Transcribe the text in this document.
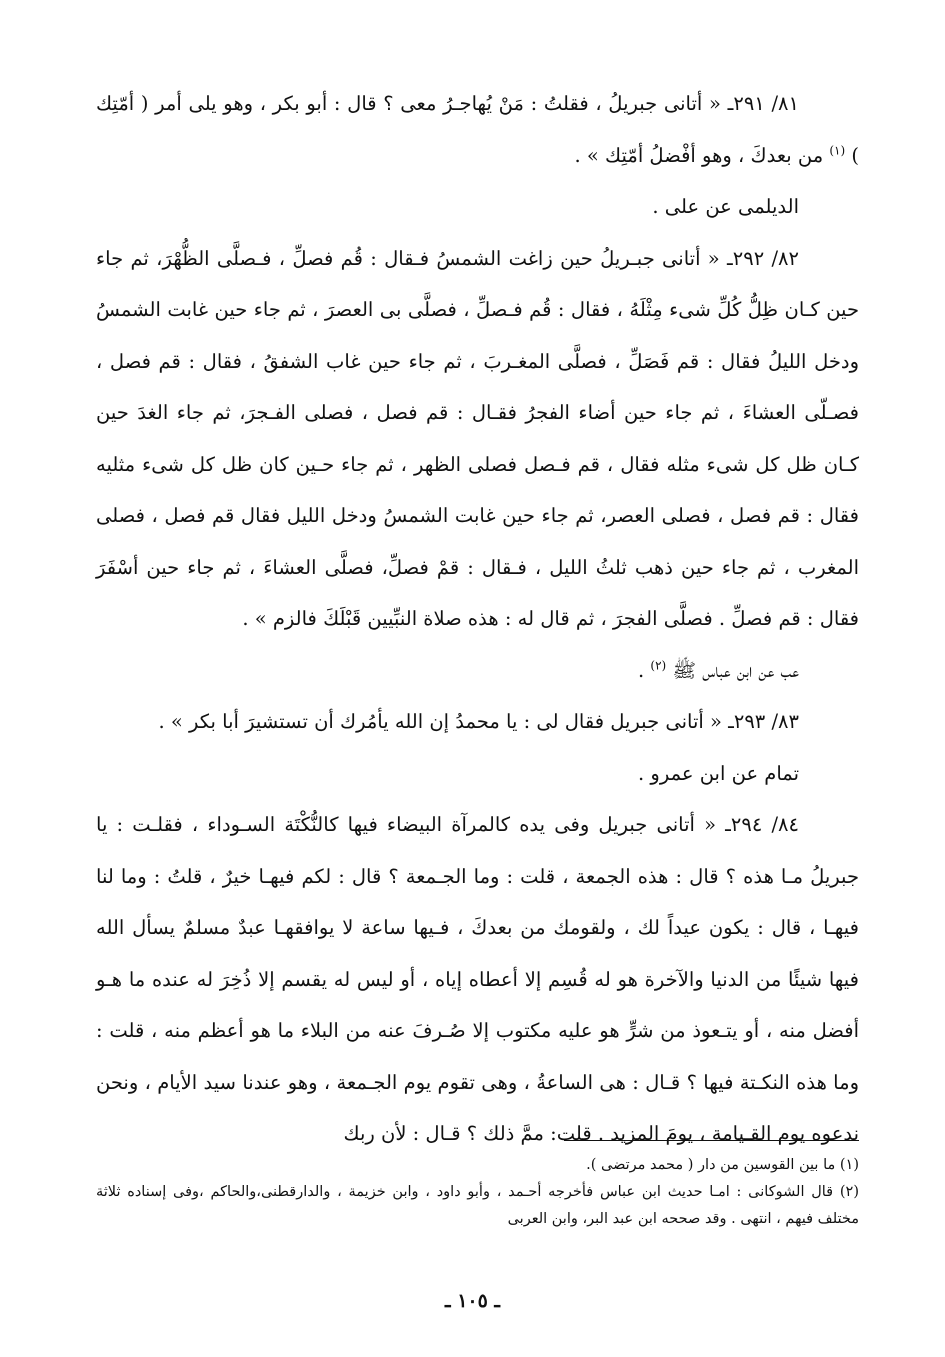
٨١/ ٢٩١ـ « أتانى جبريلُ ، فقلتُ : مَنْ يُهاجـرُ معى ؟ قال : أبو بكر ، وهو يلى أمر ( أمّتِك ) $^{(١)}$ من بعدكَ ، وهو أفْضلُ أمّتِك » .

الديلمى عن على .

٨٢/ ٢٩٢ـ « أتانى جبـريلُ حين زاغت الشمسُ فـقال : قُم فصلِّ ، فـصلَّى الظُّهْرَ، ثم جاء حين كـان ظِلُّ كُلِّ شىء مِثْلَهُ ، فقال : قُم فـصلِّ ، فصلَّى بى العصرَ ، ثم جاء حين غابت الشمسُ ودخل الليلُ فقال : قم فَصَلِّ ، فصلَّى المغـربَ ، ثم جاء حين غاب الشفقُ ، فقال : قم فصل ، فصـلّى العشاءَ ، ثم جاء حين أضاء الفجرُ فقـال : قم فصل ، فصلى الفـجرَ، ثم جاء الغدَ حين كـان ظل كل شىء مثله فقال ، قم فـصل فصلى الظهر ، ثم جاء حـين كان ظل كل شىء مثليه فقال : قم فصل ، فصلى العصر، ثم جاء حين غابت الشمسُ ودخل الليل فقال قم فصل ، فصلى المغرب ، ثم جاء حين ذهب ثلثُ الليل ، فـقال : قمْ فصلِّ، فصلَّى العشاءَ ، ثم جاء حين أسْفَرَ فقال : قم فصلِّ . فصلَّى الفجرَ ، ثم قال له : هذه صلاة النبِّيين قَبْلَكَ فالزم » .

عب عن ابن عباس ﷺ $^{(٢)}$ .

٨٣/ ٢٩٣ـ « أتانى جبريل فقال لى : يا محمدُ إن الله يأمُرك أن تستشيرَ أبا بكر » .

تمام عن ابن عمرو .

٨٤/ ٢٩٤ـ « أتانى جبريل وفى يده كالمرآة البيضاء فيها كالنُّكْتَة السـوداء ، فقلـت : يا جبريلُ مـا هذه ؟ قال : هذه الجمعة ، قلت : وما الجـمعة ؟ قال : لكم فيهـا خيرٌ ، قلتُ : وما لنا فيهـا ، قال : يكون عيداً لك ، ولقومك من بعدكَ ، فـيها ساعة لا يوافقهـا عبدٌ مسلمٌ يسأل الله فيها شيئًا من الدنيا والآخرة هو له قُسِم إلا أعطاه إياه ، أو ليس له يقسم إلا ذُخِرَ له عنده ما هـو أفضل منه ، أو يتـعوذ من شرٍّ هو عليه مكتوب إلا صُـرفَ عنه من البلاء ما هو أعظم منه ، قلت : وما هذه النكـتة فيها ؟ قـال : هى الساعةُ ، وهى تقوم يوم الجـمعة ، وهو عندنا سيد الأيام ، ونحن ندعوه يوم القـيامة ، يومَ المزيد . قلت: ممَّ ذلك ؟ قـال : لأن ربك

(١) ما بين القوسين من دار ( محمد مرتضى ).

(٢) قال الشوكانى : امـا حديث ابن عباس فأخرجه أحـمد ، وأبو داود ، وابن خزيمة ، والدارقطنى،والحاكم ،وفى إسناده ثلاثة مختلف فيهم ، انتهى . وقد صححه ابن عبد البر، وابن العربى

ـ ١٠٥ ـ
